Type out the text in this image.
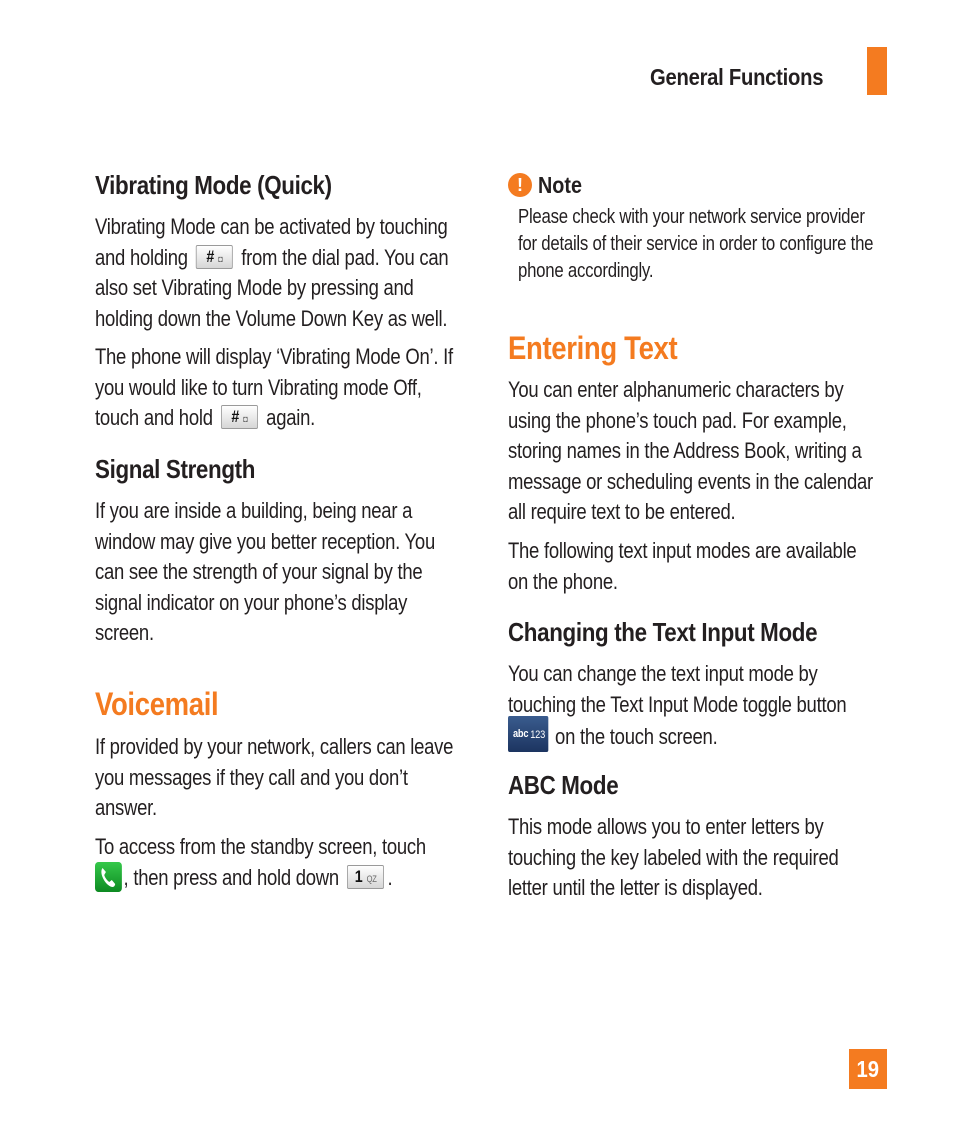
General Functions
Vibrating Mode (Quick)
Vibrating Mode can be activated by touching and holding # ◘ from the dial pad. You can also set Vibrating Mode by pressing and holding down the Volume Down Key as well.
The phone will display ‘Vibrating Mode On’. If you would like to turn Vibrating mode Off, touch and hold # ◘ again.
Signal Strength
If you are inside a building, being near a window may give you better reception. You can see the strength of your signal by the signal indicator on your phone’s display screen.
Voicemail
If provided by your network, callers can leave you messages if they call and you don’t answer.
To access from the standby screen, touch

, then press and hold down 1 QZ .
! Note
Please check with your network service provider for details of their service in order to configure the phone accordingly.
Entering Text
You can enter alphanumeric characters by using the phone’s touch pad. For example, storing names in the Address Book, writing a message or scheduling events in the calendar all require text to be entered.
The following text input modes are available on the phone.
Changing the Text Input Mode
You can change the text input mode by touching the Text Input Mode toggle button

abc 123 on the touch screen.
ABC Mode
This mode allows you to enter letters by touching the key labeled with the required letter until the letter is displayed.
19
